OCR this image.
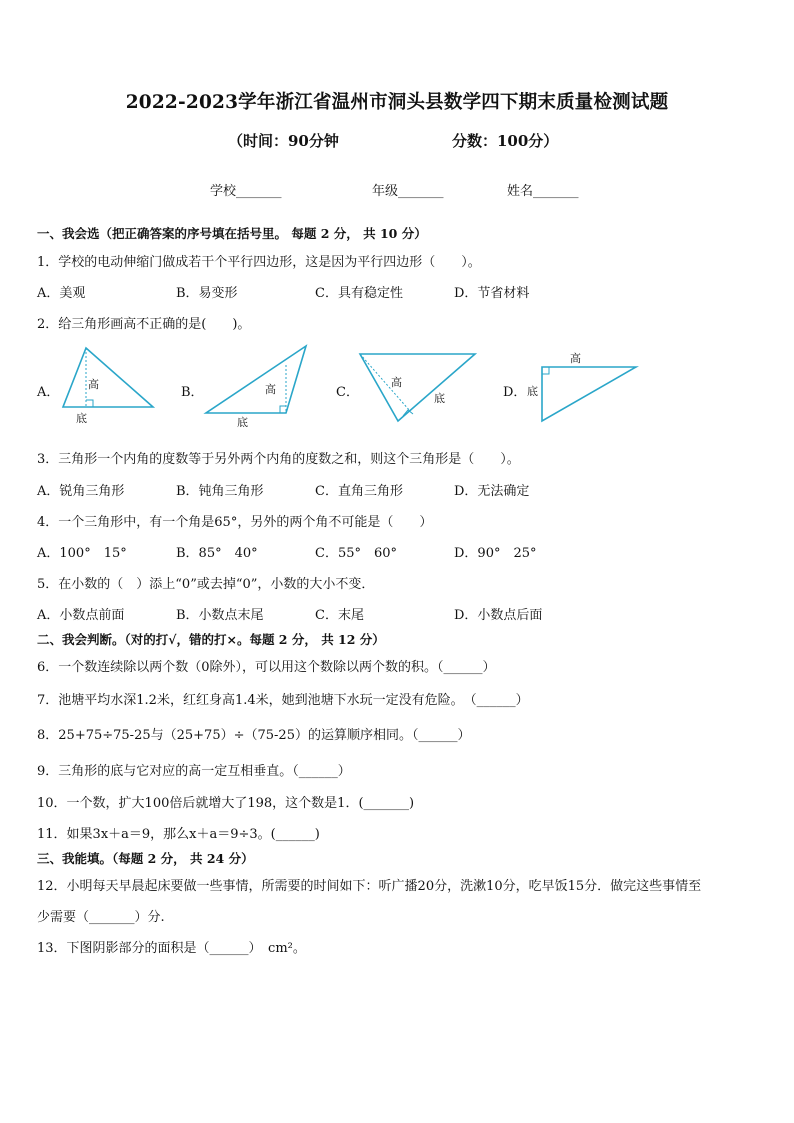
2022-2023学年浙江省温州市洞头县数学四下期末质量检测试题
（时间：90分钟	分数：100分）
学校_______	年级_______	姓名_______
一、我会选（把正确答案的序号填在括号里。 每题 2 分， 共 10 分）
1．学校的电动伸缩门做成若干个平行四边形，这是因为平行四边形（　　）。
A．美观	B．易变形	C．具有稳定性	D．节省材料
2．给三角形画高不正确的是(　　)。
A．	B．	C．	D．
高
底
高
底
高
底
高
底
3．三角形一个内角的度数等于另外两个内角的度数之和，则这个三角形是（　　）。
A．锐角三角形	B．钝角三角形	C．直角三角形	D．无法确定
4．一个三角形中，有一个角是65°，另外的两个角不可能是（　　）
A．100°　15°	B．85°　40°	C．55°　60°	D．90°　25°
5．在小数的（　）添上“0”或去掉“0”，小数的大小不变．
A．小数点前面	B．小数点末尾	C．末尾	D．小数点后面
二、我会判断。（对的打√，错的打×。每题 2 分， 共 12 分）
6．一个数连续除以两个数（0除外），可以用这个数除以两个数的积。（______）
7．池塘平均水深1.2米，红红身高1.4米，她到池塘下水玩一定没有危险。　（______）
8．25+75÷75-25与（25+75）÷（75-25）的运算顺序相同。（______）
9．三角形的底与它对应的高一定互相垂直。（______）
10．一个数，扩大100倍后就增大了198，这个数是1．(_______)
11．如果3x＋a＝9，那么x＋a＝9÷3。(______)
三、我能填。（每题 2 分， 共 24 分）
12．小明每天早晨起床要做一些事情，所需要的时间如下：听广播20分，洗漱10分，吃早饭15分．做完这些事情至
少需要（_______）分.
13．下图阴影部分的面积是（______）　cm²。
